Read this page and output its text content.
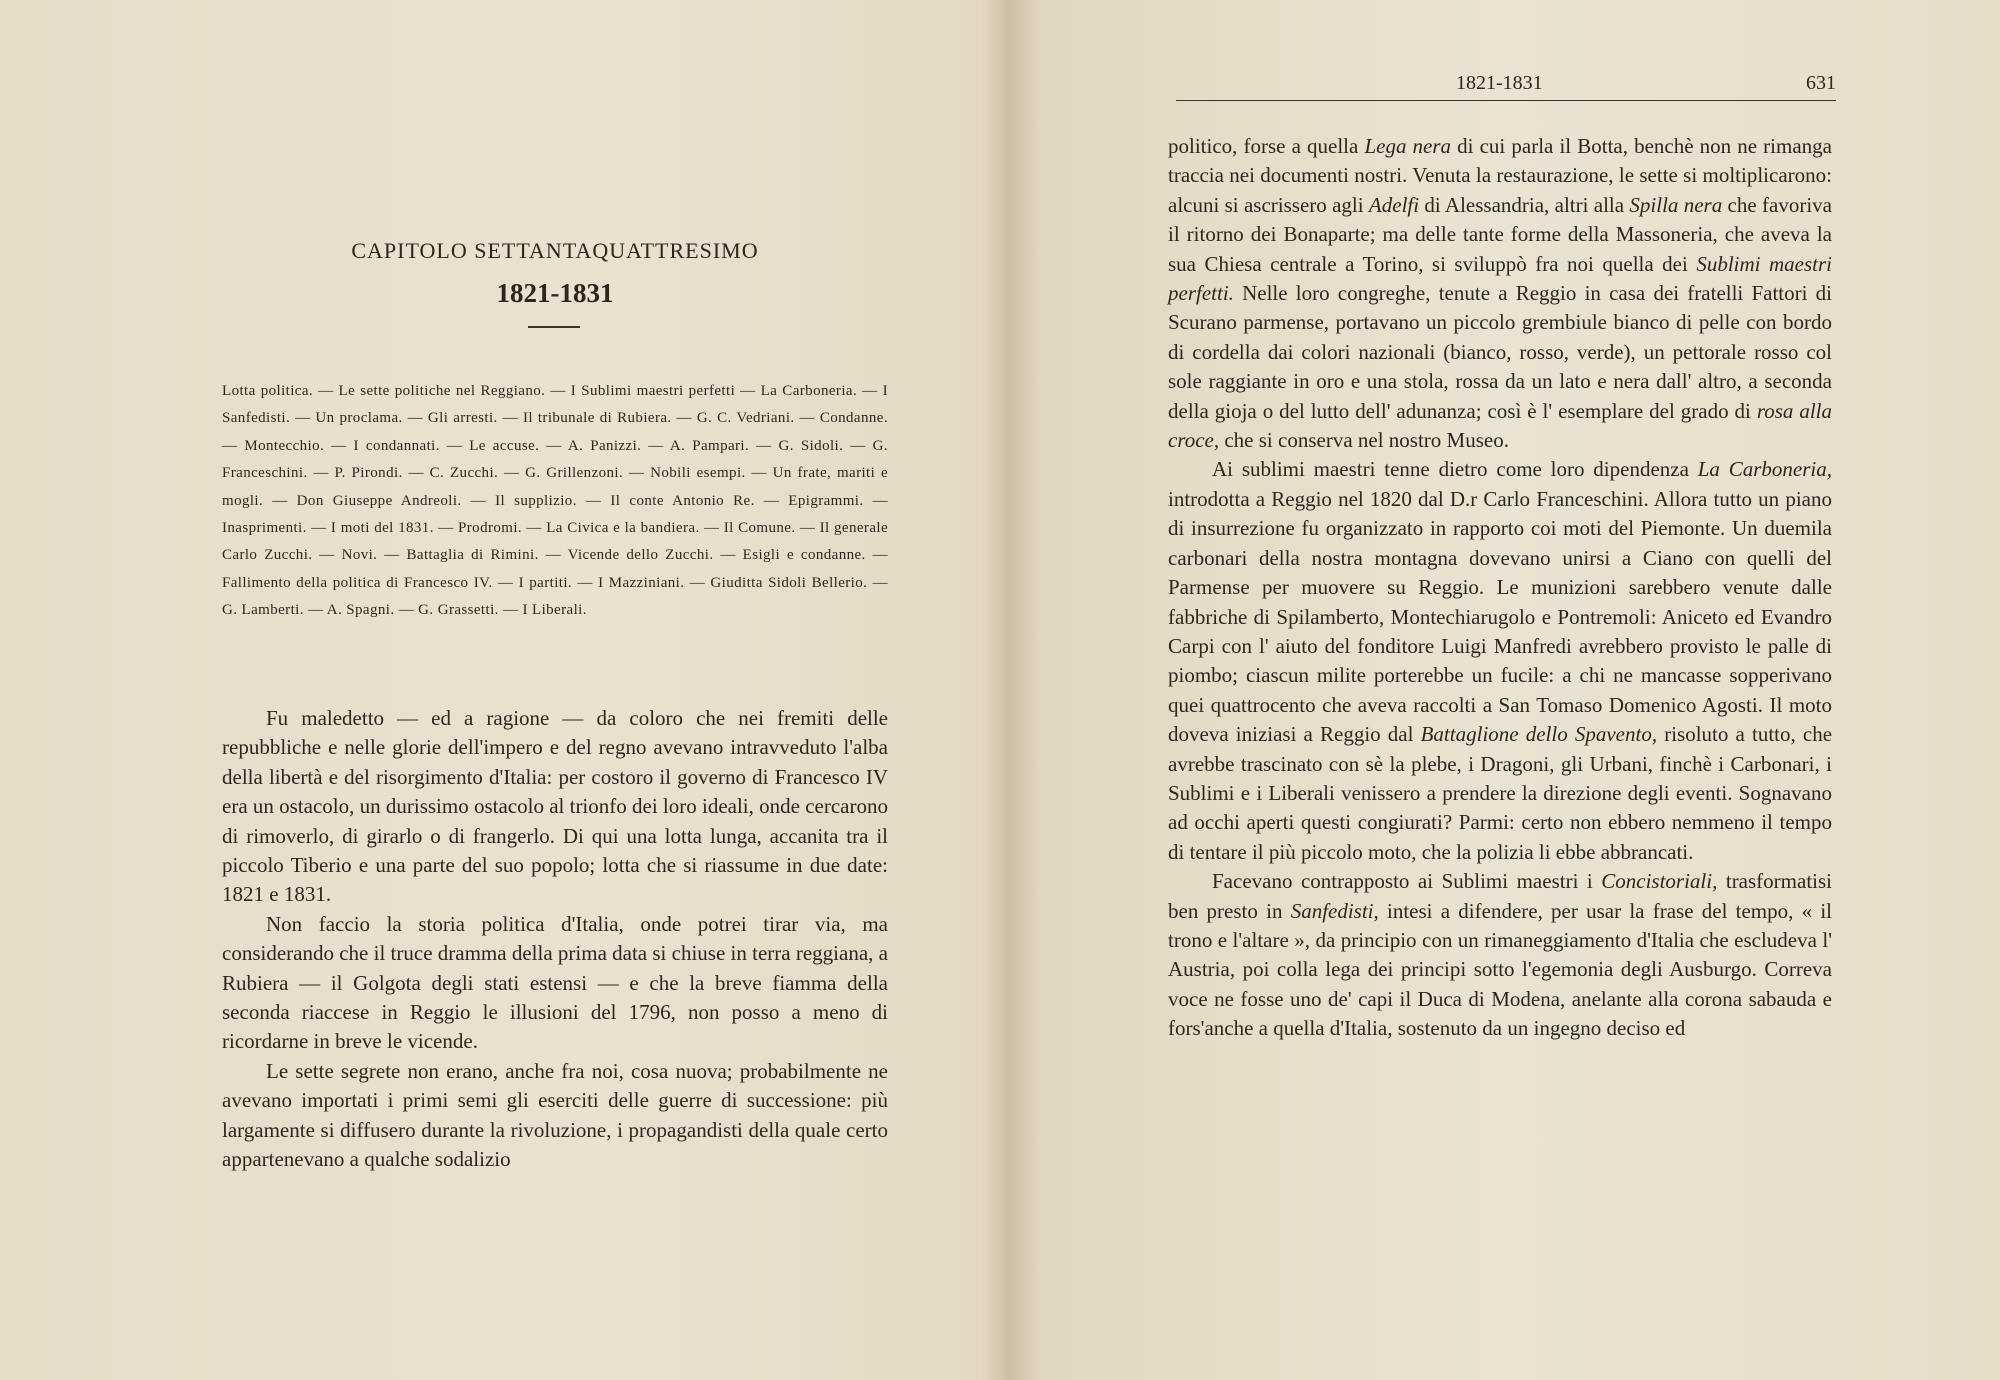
CAPITOLO SETTANTAQUATTRESIMO
1821-1831
Lotta politica. — Le sette politiche nel Reggiano. — I Sublimi maestri perfetti — La Carboneria. — I Sanfedisti. — Un proclama. — Gli arresti. — Il tribunale di Rubiera. — G. C. Vedriani. — Condanne. — Montecchio. — I condannati. — Le accuse. — A. Panizzi. — A. Pampari. — G. Sidoli. — G. Franceschini. — P. Pirondi. — C. Zucchi. — G. Grillenzoni. — Nobili esempi. — Un frate, mariti e mogli. — Don Giuseppe Andreoli. — Il supplizio. — Il conte Antonio Re. — Epigrammi. — Inasprimenti. — I moti del 1831. — Prodromi. — La Civica e la bandiera. — Il Comune. — Il generale Carlo Zucchi. — Novi. — Battaglia di Rimini. — Vicende dello Zucchi. — Esigli e condanne. — Fallimento della politica di Francesco IV. — I partiti. — I Mazziniani. — Giuditta Sidoli Bellerio. — G. Lamberti. — A. Spagni. — G. Grassetti. — I Liberali.

Fu maledetto — ed a ragione — da coloro che nei fremiti delle repubbliche e nelle glorie dell'impero e del regno avevano intravveduto l'alba della libertà e del risorgimento d'Italia: per costoro il governo di Francesco IV era un ostacolo, un durissimo ostacolo al trionfo dei loro ideali, onde cercarono di rimoverlo, di girarlo o di frangerlo. Di qui una lotta lunga, accanita tra il piccolo Tiberio e una parte del suo popolo; lotta che si riassume in due date: 1821 e 1831.

Non faccio la storia politica d'Italia, onde potrei tirar via, ma considerando che il truce dramma della prima data si chiuse in terra reggiana, a Rubiera — il Golgota degli stati estensi — e che la breve fiamma della seconda riaccese in Reggio le illusioni del 1796, non posso a meno di ricordarne in breve le vicende.

Le sette segrete non erano, anche fra noi, cosa nuova; probabilmente ne avevano importati i primi semi gli eserciti delle guerre di successione: più largamente si diffusero durante la rivoluzione, i propagandisti della quale certo appartenevano a qualche sodalizio

1821-1831	631

politico, forse a quella Lega nera di cui parla il Botta, benchè non ne rimanga traccia nei documenti nostri. Venuta la restaurazione, le sette si moltiplicarono: alcuni si ascrissero agli Adelfi di Alessandria, altri alla Spilla nera che favoriva il ritorno dei Bonaparte; ma delle tante forme della Massoneria, che aveva la sua Chiesa centrale a Torino, si sviluppò fra noi quella dei Sublimi maestri perfetti. Nelle loro congreghe, tenute a Reggio in casa dei fratelli Fattori di Scurano parmense, portavano un piccolo grembiule bianco di pelle con bordo di cordella dai colori nazionali (bianco, rosso, verde), un pettorale rosso col sole raggiante in oro e una stola, rossa da un lato e nera dall' altro, a seconda della gioja o del lutto dell' adunanza; così è l' esemplare del grado di rosa alla croce, che si conserva nel nostro Museo.

Ai sublimi maestri tenne dietro come loro dipendenza La Carboneria, introdotta a Reggio nel 1820 dal D.r Carlo Franceschini. Allora tutto un piano di insurrezione fu organizzato in rapporto coi moti del Piemonte. Un duemila carbonari della nostra montagna dovevano unirsi a Ciano con quelli del Parmense per muovere su Reggio. Le munizioni sarebbero venute dalle fabbriche di Spilamberto, Montechiarugolo e Pontremoli: Aniceto ed Evandro Carpi con l' aiuto del fonditore Luigi Manfredi avrebbero provisto le palle di piombo; ciascun milite porterebbe un fucile: a chi ne mancasse sopperivano quei quattrocento che aveva raccolti a San Tomaso Domenico Agosti. Il moto doveva iniziasi a Reggio dal Battaglione dello Spavento, risoluto a tutto, che avrebbe trascinato con sè la plebe, i Dragoni, gli Urbani, finchè i Carbonari, i Sublimi e i Liberali venissero a prendere la direzione degli eventi. Sognavano ad occhi aperti questi congiurati? Parmi: certo non ebbero nemmeno il tempo di tentare il più piccolo moto, che la polizia li ebbe abbrancati.

Facevano contrapposto ai Sublimi maestri i Concistoriali, trasformatisi ben presto in Sanfedisti, intesi a difendere, per usar la frase del tempo, « il trono e l'altare », da principio con un rimaneggiamento d'Italia che escludeva l' Austria, poi colla lega dei principi sotto l'egemonia degli Ausburgo. Correva voce ne fosse uno de' capi il Duca di Modena, anelante alla corona sabauda e fors'anche a quella d'Italia, sostenuto da un ingegno deciso ed
